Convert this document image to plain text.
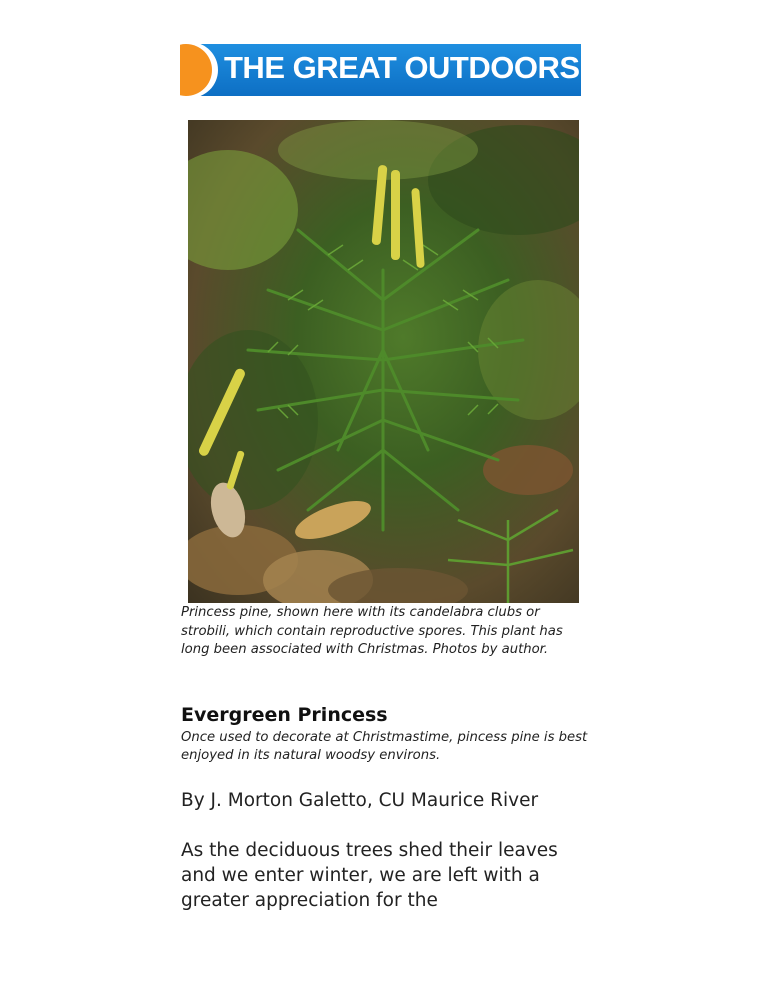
THE GREAT OUTDOORS
Princess pine, shown here with its candelabra clubs or strobili, which contain reproductive spores. This plant has long been associated with Christmas. Photos by author.
Evergreen Princess
Once used to decorate at Christmastime, pincess pine is best enjoyed in its natural woodsy environs.
By J. Morton Galetto, CU Maurice River
As the deciduous trees shed their leaves and we enter winter, we are left with a greater appreciation for the
